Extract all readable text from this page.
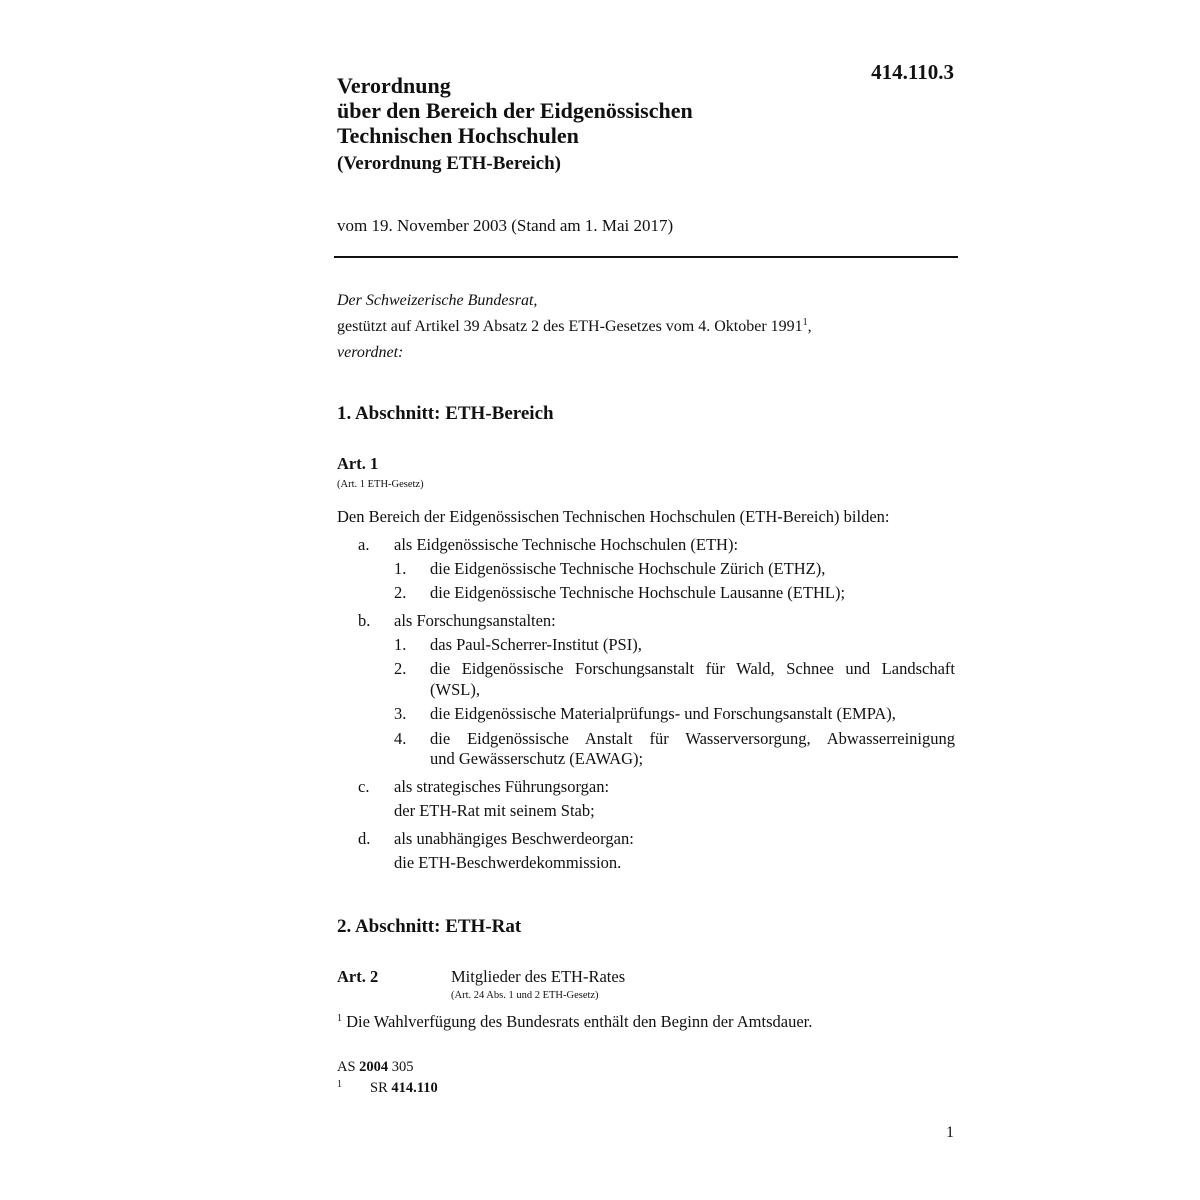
414.110.3
Verordnung
über den Bereich der Eidgenössischen
Technischen Hochschulen
(Verordnung ETH-Bereich)
vom 19. November 2003 (Stand am 1. Mai 2017)
Der Schweizerische Bundesrat,
gestützt auf Artikel 39 Absatz 2 des ETH-Gesetzes vom 4. Oktober 1991$^1$,
verordnet:
1. Abschnitt: ETH-Bereich
Art. 1
(Art. 1 ETH-Gesetz)
Den Bereich der Eidgenössischen Technischen Hochschulen (ETH-Bereich) bilden:
a. als Eidgenössische Technische Hochschulen (ETH):
1. die Eidgenössische Technische Hochschule Zürich (ETHZ),
2. die Eidgenössische Technische Hochschule Lausanne (ETHL);
b. als Forschungsanstalten:
1. das Paul-Scherrer-Institut (PSI),
2. die Eidgenössische Forschungsanstalt für Wald, Schnee und Landschaft
(WSL),
3. die Eidgenössische Materialprüfungs- und Forschungsanstalt (EMPA),
4. die Eidgenössische Anstalt für Wasserversorgung, Abwasserreinigung
und Gewässerschutz (EAWAG);
c. als strategisches Führungsorgan:
der ETH-Rat mit seinem Stab;
d. als unabhängiges Beschwerdeorgan:
die ETH-Beschwerdekommission.
2. Abschnitt: ETH-Rat
Art. 2	Mitglieder des ETH-Rates
(Art. 24 Abs. 1 und 2 ETH-Gesetz)
$^1$ Die Wahlverfügung des Bundesrats enthält den Beginn der Amtsdauer.
AS 2004 305
1 SR 414.110
1
